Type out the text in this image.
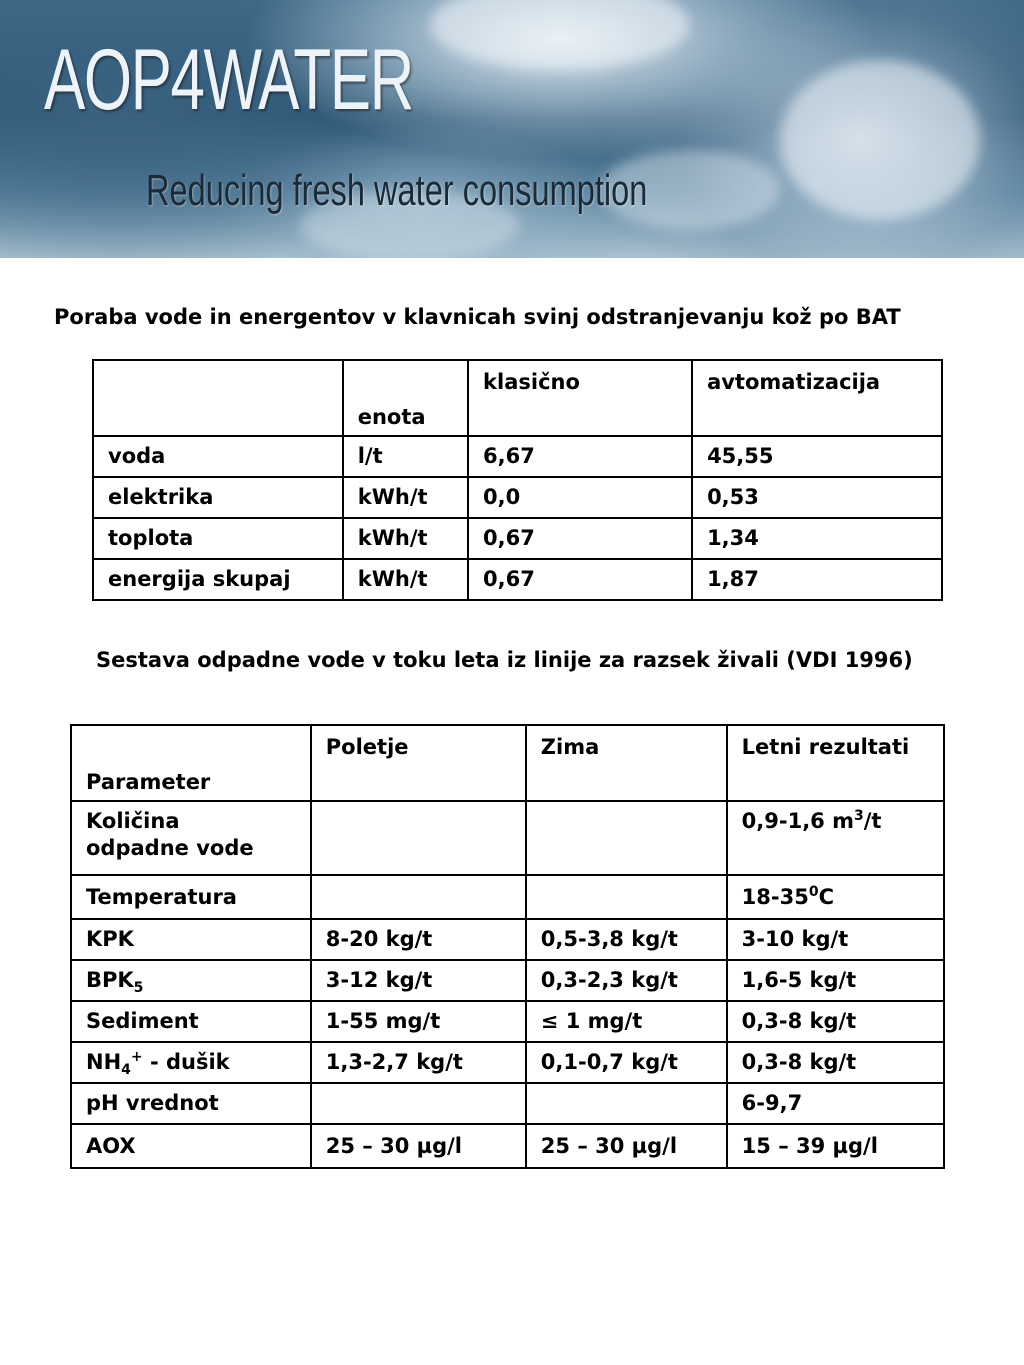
AOP4WATER
Reducing fresh water consumption
Poraba vode in energentov v klavnicah svinj odstranjevanju kož po BAT
	enota	klasično	avtomatizacija
voda	l/t	6,67	45,55
elektrika	kWh/t	0,0	0,53
toplota	kWh/t	0,67	1,34
energija skupaj	kWh/t	0,67	1,87
Sestava odpadne vode v toku leta iz linije za razsek živali (VDI 1996)
Parameter	Poletje	Zima	Letni rezultati
Količina
odpadne vode			0,9-1,6 $m^3/t$
Temperatura			$18-35^0C$
KPK	8-20 kg/t	0,5-3,8 kg/t	3-10 kg/t
$BPK_5$	3-12 kg/t	0,3-2,3 kg/t	1,6-5 kg/t
Sediment	1-55 mg/t	≤ 1 mg/t	0,3-8 kg/t
$NH_4^+$ - dušik	1,3-2,7 kg/t	0,1-0,7 kg/t	0,3-8 kg/t
pH vrednot			6-9,7
AOX	25 – 30 µg/l	25 – 30 µg/l	15 – 39 µg/l
